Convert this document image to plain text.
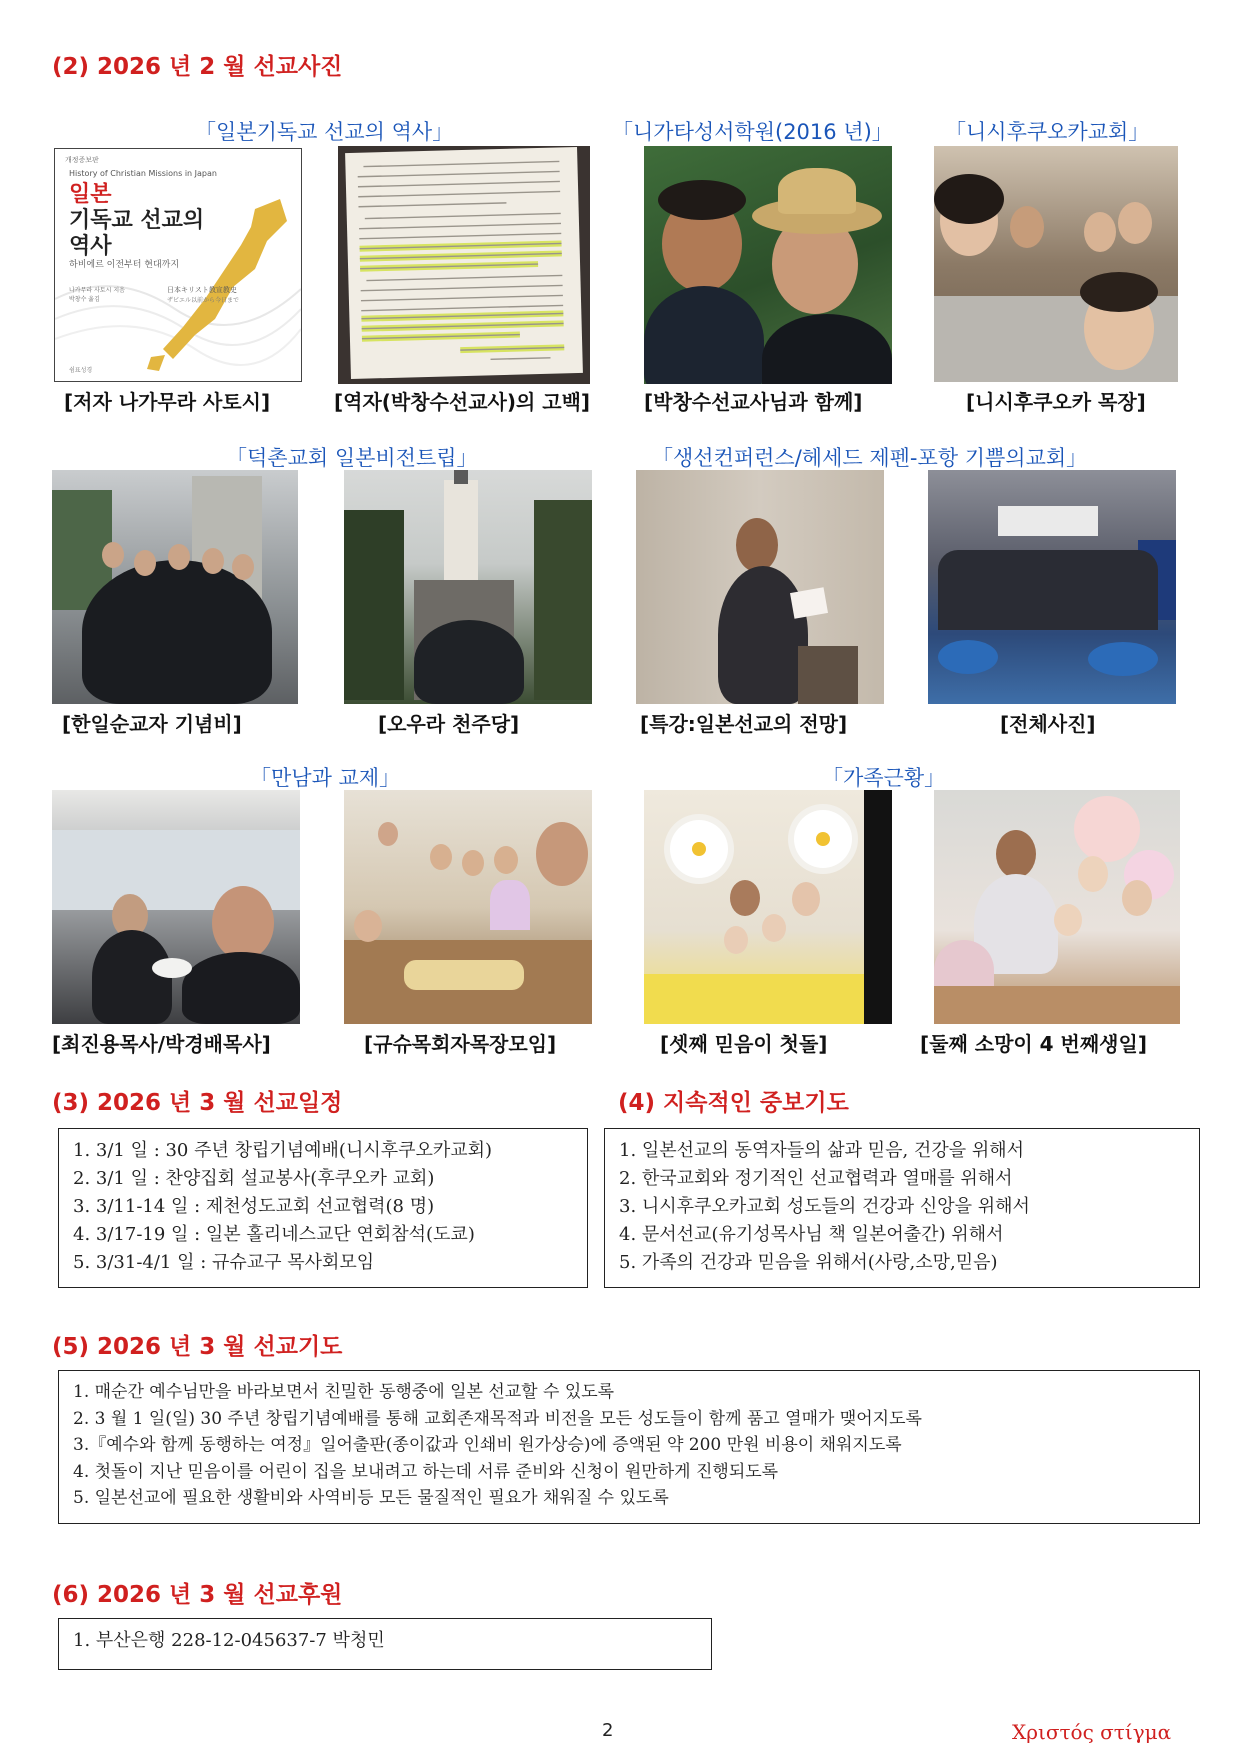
(2) 2026 년 2 월 선교사진
「일본기독교 선교의 역사」	「니가타성서학원(2016 년)」 「니시후쿠오카교회」
개정증보판
History of Christian Missions in Japan
일본
기독교 선교의
역사
하비에르 이전부터 현대까지
나카무라 사토시 지음
박창수 옮김
日本キリスト教宣教史
ザビエル以前から今日まで
쉼표성경
[저자 나가무라 사토시]	[역자(박창수선교사)의 고백]	[박창수선교사님과 함께]	[니시후쿠오카 목장]
「덕촌교회 일본비전트립」	「생선컨퍼런스/헤세드 제펜-포항 기쁨의교회」
[한일순교자 기념비]	[오우라 천주당]	[특강:일본선교의 전망]	[전체사진]
「만남과 교제」	「가족근황」
[최진용목사/박경배목사]	[규슈목회자목장모임]	[셋째 믿음이 첫돌]	[둘째 소망이 4 번째생일]
(3) 2026 년 3 월 선교일정
1. 3/1 일 : 30 주년 창립기념예배(니시후쿠오카교회)
2. 3/1 일 : 찬양집회 설교봉사(후쿠오카 교회)
3. 3/11-14 일 : 제천성도교회 선교협력(8 명)
4. 3/17-19 일 : 일본 홀리네스교단 연회참석(도쿄)
5. 3/31-4/1 일 : 규슈교구 목사회모임
(4) 지속적인 중보기도
1. 일본선교의 동역자들의 삶과 믿음, 건강을 위해서
2. 한국교회와 정기적인 선교협력과 열매를 위해서
3. 니시후쿠오카교회 성도들의 건강과 신앙을 위해서
4. 문서선교(유기성목사님 책 일본어출간) 위해서
5. 가족의 건강과 믿음을 위해서(사랑,소망,믿음)
(5) 2026 년 3 월 선교기도
1. 매순간 예수님만을 바라보면서 친밀한 동행중에 일본 선교할 수 있도록
2. 3 월 1 일(일) 30 주년 창립기념예배를 통해 교회존재목적과 비전을 모든 성도들이 함께 품고 열매가 맺어지도록
3.『예수와 함께 동행하는 여정』일어출판(종이값과 인쇄비 원가상승)에 증액된 약 200 만원 비용이 채워지도록
4. 첫돌이 지난 믿음이를 어린이 집을 보내려고 하는데 서류 준비와 신청이 원만하게 진행되도록
5. 일본선교에 필요한 생활비와 사역비등 모든 물질적인 필요가 채워질 수 있도록
(6) 2026 년 3 월 선교후원
1. 부산은행 228-12-045637-7 박청민
2	Χριστός στίγμα
